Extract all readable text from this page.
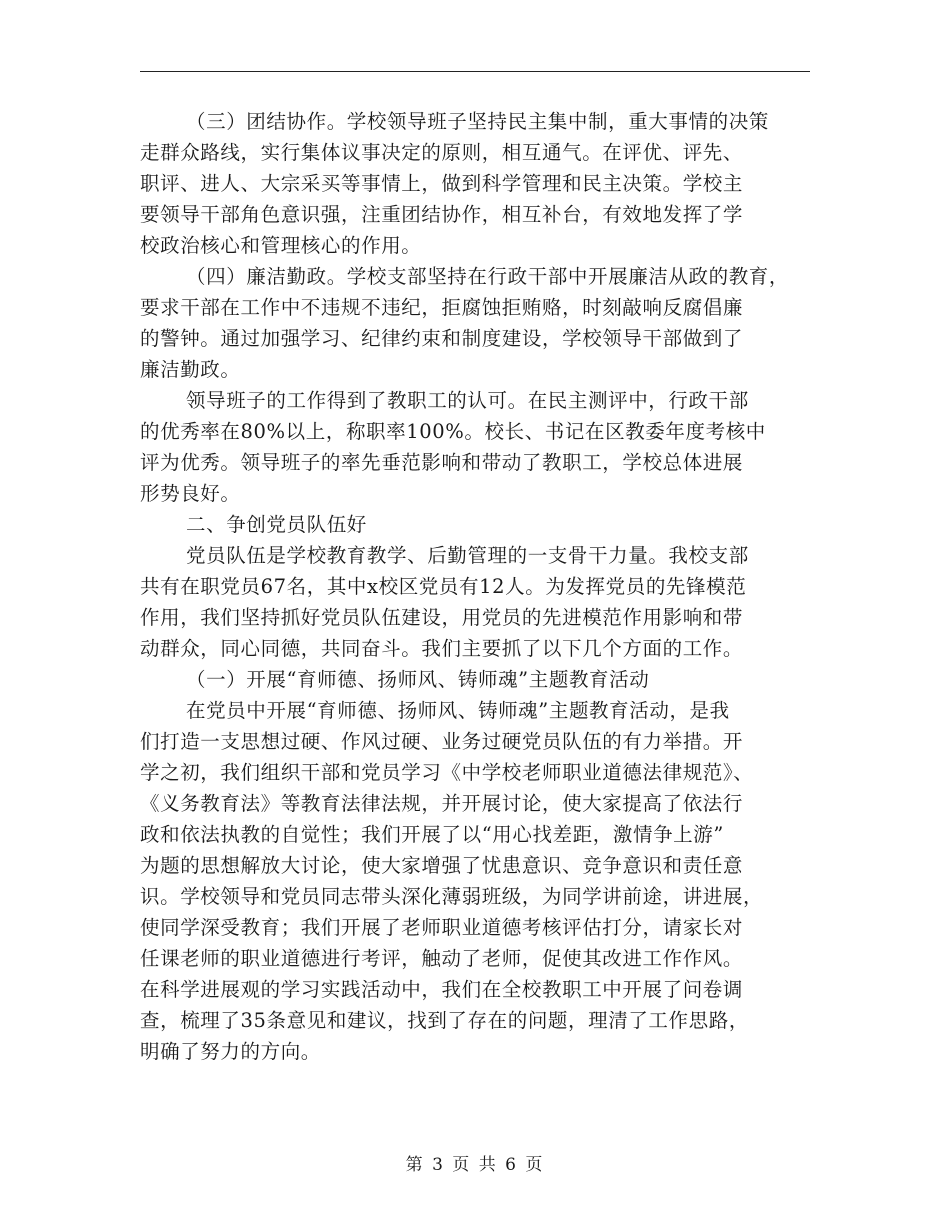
（三）团结协作。学校领导班子坚持民主集中制，重大事情的决策
走群众路线，实行集体议事决定的原则，相互通气。在评优、评先、
职评、进人、大宗采买等事情上，做到科学管理和民主决策。学校主
要领导干部角色意识强，注重团结协作，相互补台，有效地发挥了学
校政治核心和管理核心的作用。
（四）廉洁勤政。学校支部坚持在行政干部中开展廉洁从政的教育，
要求干部在工作中不违规不违纪，拒腐蚀拒贿赂，时刻敲响反腐倡廉
的警钟。通过加强学习、纪律约束和制度建设，学校领导干部做到了
廉洁勤政。
领导班子的工作得到了教职工的认可。在民主测评中，行政干部
的优秀率在80%以上，称职率100%。校长、书记在区教委年度考核中
评为优秀。领导班子的率先垂范影响和带动了教职工，学校总体进展
形势良好。
二、争创党员队伍好
党员队伍是学校教育教学、后勤管理的一支骨干力量。我校支部
共有在职党员67名，其中x校区党员有12人。为发挥党员的先锋模范
作用，我们坚持抓好党员队伍建设，用党员的先进模范作用影响和带
动群众，同心同德，共同奋斗。我们主要抓了以下几个方面的工作。
（一）开展“育师德、扬师风、铸师魂”主题教育活动
在党员中开展“育师德、扬师风、铸师魂”主题教育活动，是我
们打造一支思想过硬、作风过硬、业务过硬党员队伍的有力举措。开
学之初，我们组织干部和党员学习《中学校老师职业道德法律规范》、
《义务教育法》等教育法律法规，并开展讨论，使大家提高了依法行
政和依法执教的自觉性；我们开展了以“用心找差距，激情争上游”
为题的思想解放大讨论，使大家增强了忧患意识、竞争意识和责任意
识。学校领导和党员同志带头深化薄弱班级，为同学讲前途，讲进展，
使同学深受教育；我们开展了老师职业道德考核评估打分，请家长对
任课老师的职业道德进行考评，触动了老师，促使其改进工作作风。
在科学进展观的学习实践活动中，我们在全校教职工中开展了问卷调
查，梳理了35条意见和建议，找到了存在的问题，理清了工作思路，
明确了努力的方向。
第 3 页 共 6 页
